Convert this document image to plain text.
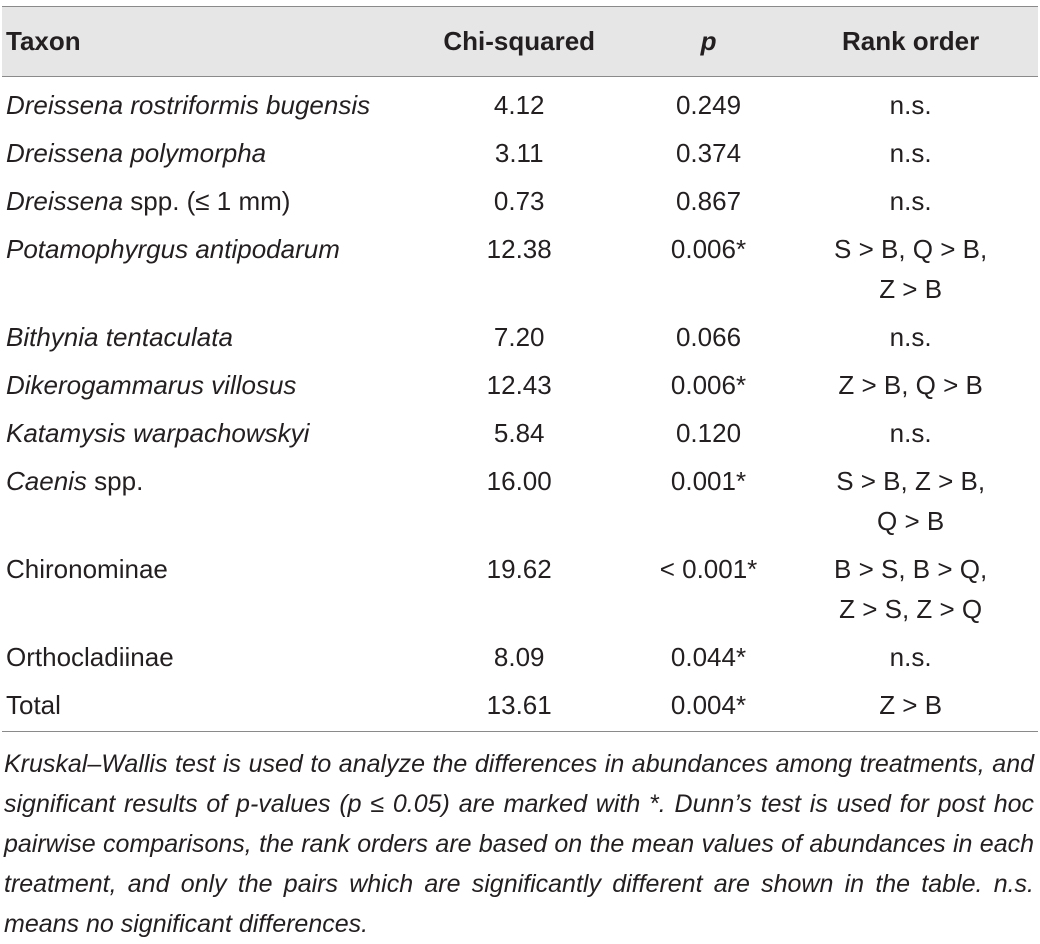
Taxon	Chi-squared	p	Rank order
Dreissena rostriformis bugensis	4.12	0.249	n.s.

Dreissena polymorpha	3.11	0.374	n.s.

Dreissena spp. (≤ 1 mm)	0.73	0.867	n.s.

Potamophyrgus antipodarum	12.38	0.006*	S > B, Q > B,
Z > B

Bithynia tentaculata	7.20	0.066	n.s.

Dikerogammarus villosus	12.43	0.006*	Z > B, Q > B

Katamysis warpachowskyi	5.84	0.120	n.s.

Caenis spp.	16.00	0.001*	S > B, Z > B,
Q > B

Chironominae	19.62	< 0.001*	B > S, B > Q,
Z > S, Z > Q

Orthocladiinae	8.09	0.044*	n.s.

Total	13.61	0.004*	Z > B

Kruskal–Wallis test is used to analyze the differences in abundances among treatments, and significant results of p-values (p ≤ 0.05) are marked with *. Dunn’s test is used for post hoc pairwise comparisons, the rank orders are based on the mean values of abundances in each treatment, and only the pairs which are significantly different are shown in the table. n.s. means no significant differences.
